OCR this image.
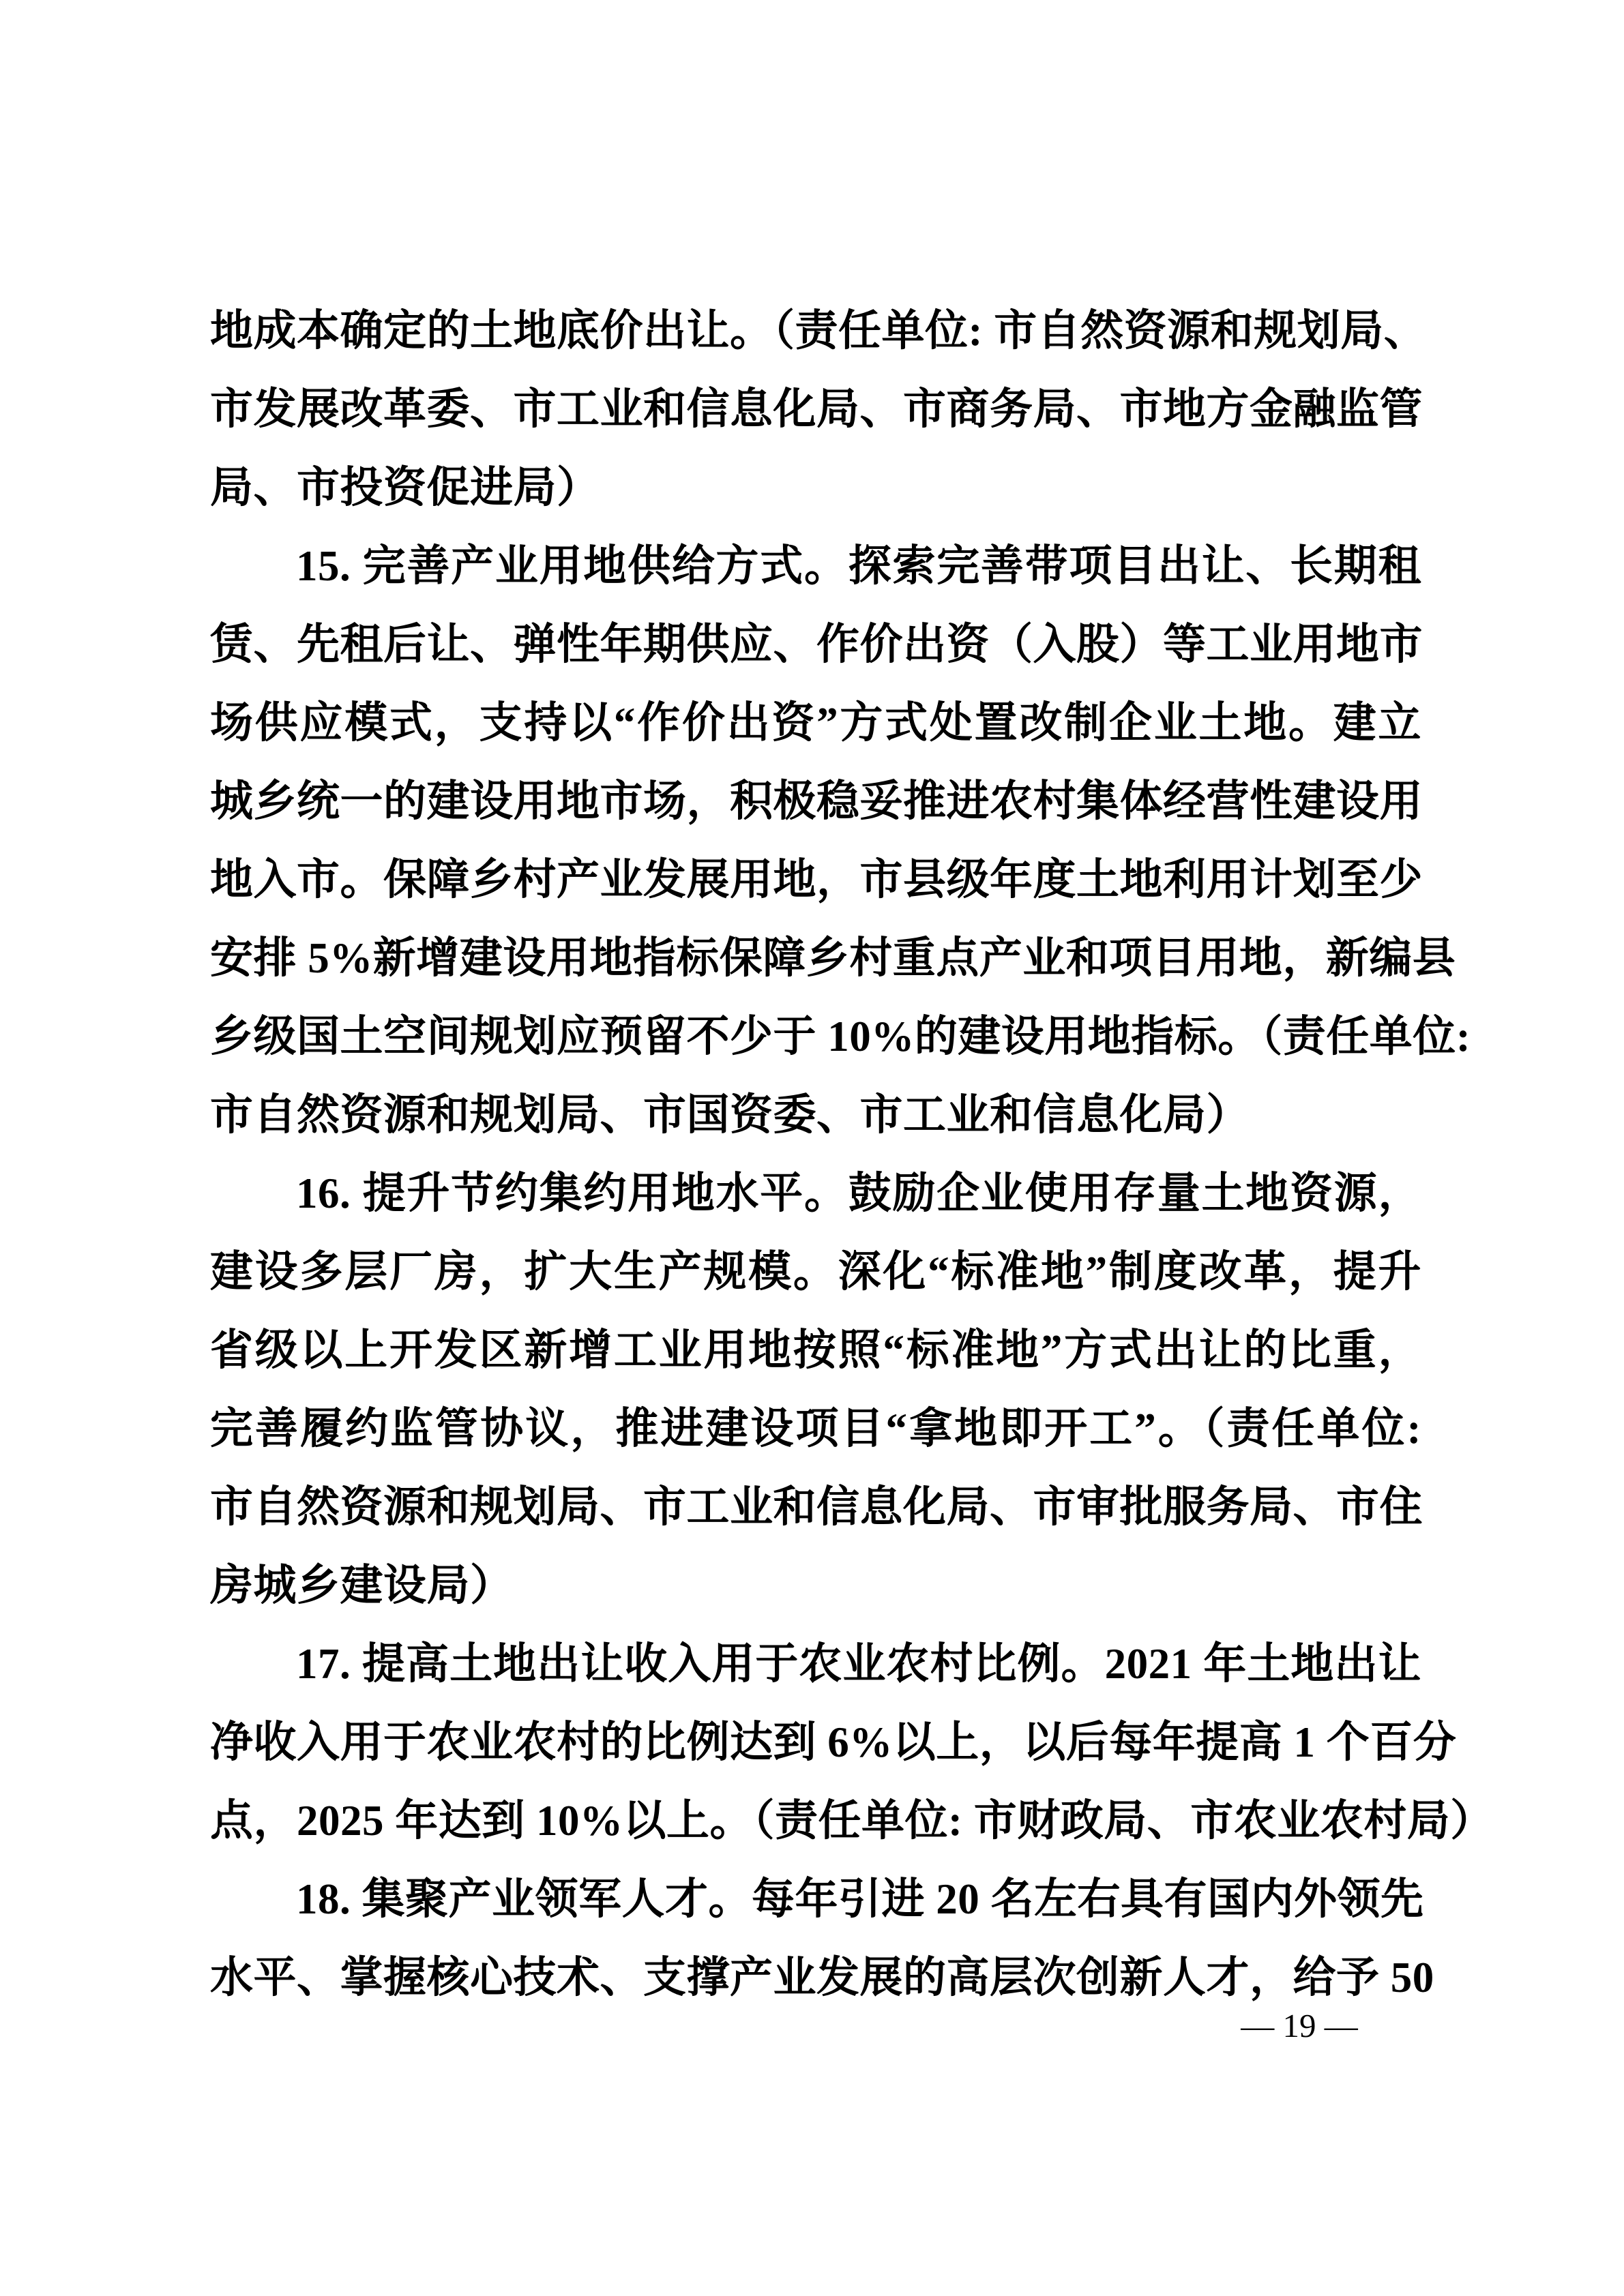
地成本确定的土地底价出让。（责任单位: 市自然资源和规划局、
市发展改革委、市工业和信息化局、市商务局、市地方金融监管
局、市投资促进局）
15. 完善产业用地供给方式。探索完善带项目出让、长期租
赁、先租后让、弹性年期供应、作价出资（入股）等工业用地市
场供应模式，支持以“作价出资”方式处置改制企业土地。建立
城乡统一的建设用地市场，积极稳妥推进农村集体经营性建设用
地入市。保障乡村产业发展用地，市县级年度土地利用计划至少
安排 5%新增建设用地指标保障乡村重点产业和项目用地，新编县
乡级国土空间规划应预留不少于 10%的建设用地指标。（责任单位:
市自然资源和规划局、市国资委、市工业和信息化局）
16. 提升节约集约用地水平。鼓励企业使用存量土地资源，
建设多层厂房，扩大生产规模。深化“标准地”制度改革，提升
省级以上开发区新增工业用地按照“标准地”方式出让的比重，
完善履约监管协议，推进建设项目“拿地即开工”。（责任单位:
市自然资源和规划局、市工业和信息化局、市审批服务局、市住
房城乡建设局）
17. 提高土地出让收入用于农业农村比例。2021 年土地出让
净收入用于农业农村的比例达到 6%以上，以后每年提高 1 个百分
点，2025 年达到 10%以上。（责任单位: 市财政局、市农业农村局）
18. 集聚产业领军人才。每年引进 20 名左右具有国内外领先
水平、掌握核心技术、支撑产业发展的高层次创新人才，给予 50
— 19 —
